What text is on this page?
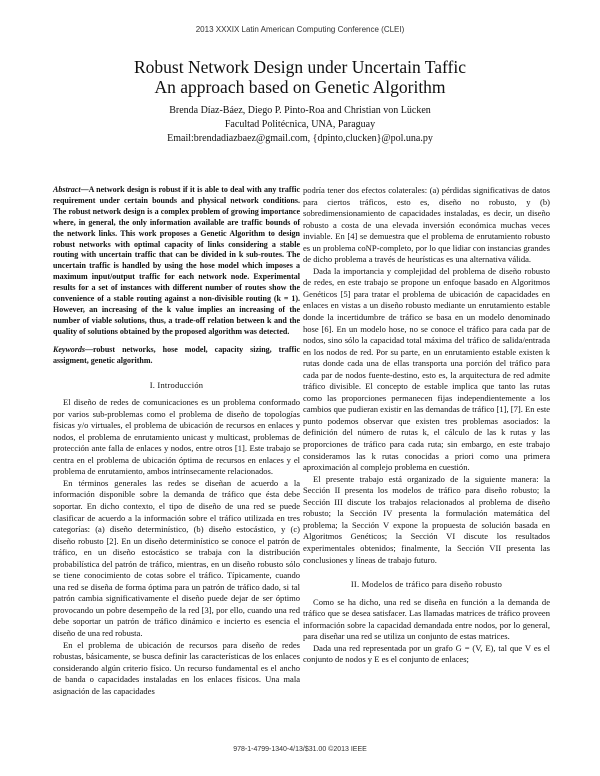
2013 XXXIX Latin American Computing Conference (CLEI)
Robust Network Design under Uncertain Taffic
An approach based on Genetic Algorithm
Brenda Díaz-Báez, Diego P. Pinto-Roa and Christian von Lücken
Facultad Politécnica, UNA, Paraguay
Email:brendadiazbaez@gmail.com, {dpinto,clucken}@pol.una.py

Abstract—A network design is robust if it is able to deal with any traffic requirement under certain bounds and physical network conditions. The robust network design is a complex problem of growing importance where, in general, the only information available are traffic bounds of the network links. This work proposes a Genetic Algorithm to design robust networks with optimal capacity of links considering a stable routing with uncertain traffic that can be divided in k sub-routes. The uncertain traffic is handled by using the hose model which imposes a maximum input/output traffic for each network node. Experimental results for a set of instances with different number of routes show the convenience of a stable routing against a non-divisible routing (k = 1). However, an increasing of the k value implies an increasing of the number of viable solutions, thus, a trade-off relation between k and the quality of solutions obtained by the proposed algorithm was detected.

Keywords—robust networks, hose model, capacity sizing, traffic assigment, genetic algorithm.

I. Introducción

El diseño de redes de comunicaciones es un problema conformado por varios sub-problemas como el problema de diseño de topologías físicas y/o virtuales, el problema de ubicación de recursos en enlaces y nodos, el problema de enrutamiento unicast y multicast, problemas de protección ante falla de enlaces y nodos, entre otros [1]. Este trabajo se centra en el problema de ubicación óptima de recursos en enlaces y el problema de enrutamiento, ambos intrínsecamente relacionados.

En términos generales las redes se diseñan de acuerdo a la información disponible sobre la demanda de tráfico que ésta debe soportar. En dicho contexto, el tipo de diseño de una red se puede clasificar de acuerdo a la información sobre el tráfico utilizada en tres categorías: (a) diseño determinístico, (b) diseño estocástico, y (c) diseño robusto [2]. En un diseño determinístico se conoce el patrón de tráfico, en un diseño estocástico se trabaja con la distribución probabilística del patrón de tráfico, mientras, en un diseño robusto sólo se tiene conocimiento de cotas sobre el tráfico. Típicamente, cuando una red se diseña de forma óptima para un patrón de tráfico dado, si tal patrón cambia significativamente el diseño puede dejar de ser óptimo provocando un pobre desempeño de la red [3], por ello, cuando una red debe soportar un patrón de tráfico dinámico e incierto es esencia el diseño de una red robusta.

En el problema de ubicación de recursos para diseño de redes robustas, básicamente, se busca definir las características de los enlaces considerando algún criterio físico. Un recurso fundamental es el ancho de banda o capacidades instaladas en los enlaces físicos. Una mala asignación de las capacidades

podría tener dos efectos colaterales: (a) pérdidas significativas de datos para ciertos tráficos, esto es, diseño no robusto, y (b) sobredimensionamiento de capacidades instaladas, es decir, un diseño robusto a costa de una elevada inversión económica muchas veces inviable. En [4] se demuestra que el problema de enrutamiento robusto es un problema coNP-completo, por lo que lidiar con instancias grandes de dicho problema a través de heurísticas es una alternativa válida.

Dada la importancia y complejidad del problema de diseño robusto de redes, en este trabajo se propone un enfoque basado en Algoritmos Genéticos [5] para tratar el problema de ubicación de capacidades en enlaces en vistas a un diseño robusto mediante un enrutamiento estable donde la incertidumbre de tráfico se basa en un modelo denominado hose [6]. En un modelo hose, no se conoce el tráfico para cada par de nodos, sino sólo la capacidad total máxima del tráfico de salida/entrada en los nodos de red. Por su parte, en un enrutamiento estable existen k rutas donde cada una de ellas transporta una porción del tráfico para cada par de nodos fuente-destino, esto es, la arquitectura de red admite tráfico divisible. El concepto de estable implica que tanto las rutas como las proporciones permanecen fijas independientemente a los cambios que pudieran existir en las demandas de tráfico [1], [7]. En este punto podemos observar que existen tres problemas asociados: la definición del número de rutas k, el cálculo de las k rutas y las proporciones de tráfico para cada ruta; sin embargo, en este trabajo consideramos las k rutas conocidas a priori como una primera aproximación al complejo problema en cuestión.

El presente trabajo está organizado de la siguiente manera: la Sección II presenta los modelos de tráfico para diseño robusto; la Sección III discute los trabajos relacionados al problema de diseño robusto; la Sección IV presenta la formulación matemática del problema; la Sección V expone la propuesta de solución basada en Algoritmos Genéticos; la Sección VI discute los resultados experimentales obtenidos; finalmente, la Sección VII presenta las conclusiones y líneas de trabajo futuro.

II. Modelos de tráfico para diseño robusto

Como se ha dicho, una red se diseña en función a la demanda de tráfico que se desea satisfacer. Las llamadas matrices de tráfico proveen información sobre la capacidad demandada entre nodos, por lo general, para diseñar una red se utiliza un conjunto de estas matrices.

Dada una red representada por un grafo G = (V, E), tal que V es el conjunto de nodos y E es el conjunto de enlaces;

978-1-4799-1340-4/13/$31.00 ©2013 IEEE
